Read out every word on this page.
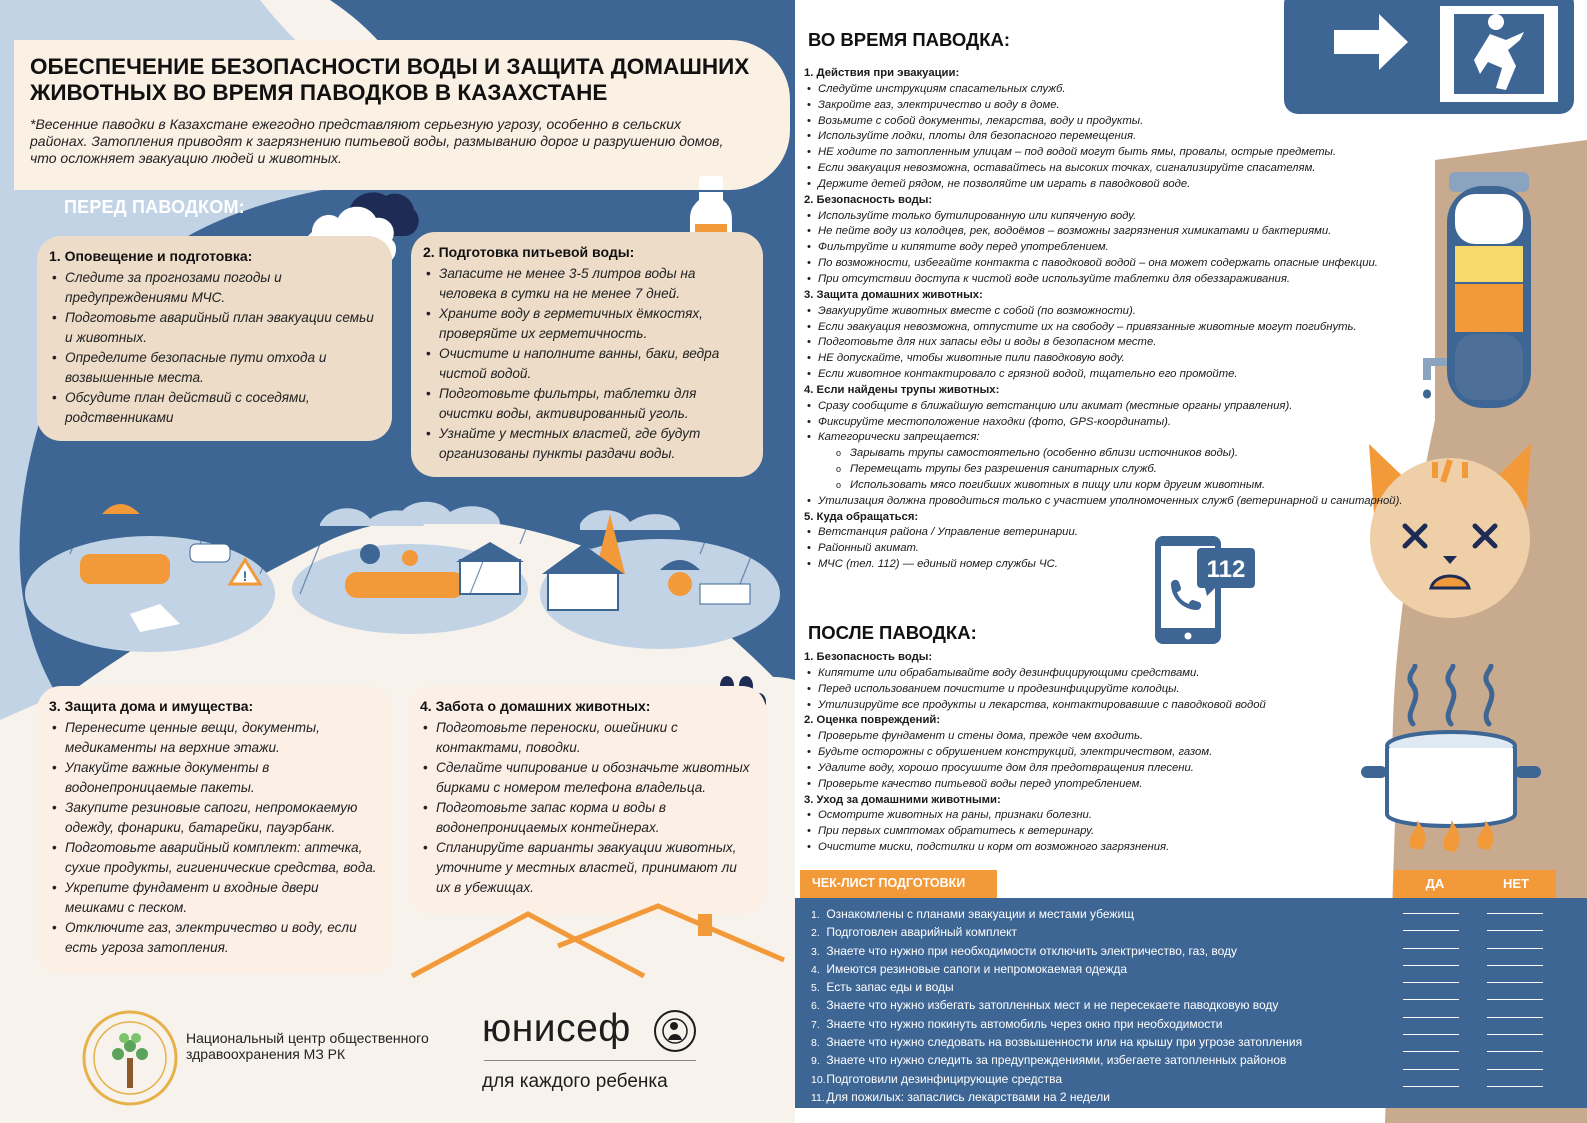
ОБЕСПЕЧЕНИЕ БЕЗОПАСНОСТИ ВОДЫ И ЗАЩИТА ДОМАШНИХ ЖИВОТНЫХ ВО ВРЕМЯ ПАВОДКОВ В КАЗАХСТАНЕ
*Весенние паводки в Казахстане ежегодно представляют серьезную угрозу, особенно в сельских районах. Затопления приводят к загрязнению питьевой воды, размыванию дорог и разрушению домов, что осложняет эвакуацию людей и животных.
ПЕРЕД ПАВОДКОМ:
1. Оповещение и подготовка:
• Следите за прогнозами погоды и предупреждениями МЧС.
• Подготовьте аварийный план эвакуации семьи и животных.
• Определите безопасные пути отхода и возвышенные места.
• Обсудите план действий с соседями, родственниками
2. Подготовка питьевой воды:
• Запасите не менее 3-5 литров воды на человека в сутки на не менее 7 дней.
• Храните воду в герметичных ёмкостях, проверяйте их герметичность.
• Очистите и наполните ванны, баки, ведра чистой водой.
• Подготовьте фильтры, таблетки для очистки воды, активированный уголь.
• Узнайте у местных властей, где будут организованы пункты раздачи воды.
!
3. Защита дома и имущества:
• Перенесите ценные вещи, документы, медикаменты на верхние этажи.
• Упакуйте важные документы в водонепроницаемые пакеты.
• Закупите резиновые сапоги, непромокаемую одежду, фонарики, батарейки, пауэрбанк.
• Подготовьте аварийный комплект: аптечка, сухие продукты, гигиенические средства, вода.
• Укрепите фундамент и входные двери мешками с песком.
• Отключите газ, электричество и воду, если есть угроза затопления.
4. Забота о домашних животных:
• Подготовьте переноски, ошейники с контактами, поводки.
• Сделайте чипирование и обозначьте животных бирками с номером телефона владельца.
• Подготовьте запас корма и воды в водонепроницаемых контейнерах.
• Спланируйте варианты эвакуации животных, уточните у местных властей, принимают ли их в убежищах.
Национальный центр общественного здравоохранения МЗ РК
юнисеф
для каждого ребенка
112
ВО ВРЕМЯ ПАВОДКА:
1. Действия при эвакуации:
• Следуйте инструкциям спасательных служб.
• Закройте газ, электричество и воду в доме.
• Возьмите с собой документы, лекарства, воду и продукты.
• Используйте лодки, плоты для безопасного перемещения.
• НЕ ходите по затопленным улицам – под водой могут быть ямы, провалы, острые предметы.
• Если эвакуация невозможна, оставайтесь на высоких точках, сигнализируйте спасателям.
• Держите детей рядом, не позволяйте им играть в паводковой воде.
2. Безопасность воды:
• Используйте только бутилированную или кипяченую воду.
• Не пейте воду из колодцев, рек, водоёмов – возможны загрязнения химикатами и бактериями.
• Фильтруйте и кипятите воду перед употреблением.
• По возможности, избегайте контакта с паводковой водой – она может содержать опасные инфекции.
• При отсутствии доступа к чистой воде используйте таблетки для обеззараживания.
3. Защита домашних животных:
• Эвакуируйте животных вместе с собой (по возможности).
• Если эвакуация невозможна, отпустите их на свободу – привязанные животные могут погибнуть.
• Подготовьте для них запасы еды и воды в безопасном месте.
• НЕ допускайте, чтобы животные пили паводковую воду.
• Если животное контактировало с грязной водой, тщательно его промойте.
4. Если найдены трупы животных:
• Сразу сообщите в ближайшую ветстанцию или акимат (местные органы управления).
• Фиксируйте местоположение находки (фото, GPS-координаты).
• Категорически запрещается:
o Зарывать трупы самостоятельно (особенно вблизи источников воды).
o Перемещать трупы без разрешения санитарных служб.
o Использовать мясо погибших животных в пищу или корм другим животным.
• Утилизация должна проводиться только с участием уполномоченных служб (ветеринарной и санитарной).
5. Куда обращаться:
• Ветстанция района / Управление ветеринарии.
• Районный акимат.
• МЧС (тел. 112) — единый номер службы ЧС.
ПОСЛЕ ПАВОДКА:
1. Безопасность воды:
• Кипятите или обрабатывайте воду дезинфицирующими средствами.
• Перед использованием почистите и продезинфицируйте колодцы.
• Утилизируйте все продукты и лекарства, контактировавшие с паводковой водой
2. Оценка повреждений:
• Проверьте фундамент и стены дома, прежде чем входить.
• Будьте осторожны с обрушением конструкций, электричеством, газом.
• Удалите воду, хорошо просушите дом для предотвращения плесени.
• Проверьте качество питьевой воды перед употреблением.
3. Уход за домашними животными:
• Осмотрите животных на раны, признаки болезни.
• При первых симптомах обратитесь к ветеринару.
• Очистите миски, подстилки и корм от возможного загрязнения.
ЧЕК-ЛИСТ ПОДГОТОВКИ	ДА	НЕТ
1. Ознакомлены с планами эвакуации и местами убежищ
2. Подготовлен аварийный комплект
3. Знаете что нужно при необходимости отключить электричество, газ, воду
4. Имеются резиновые сапоги и непромокаемая одежда
5. Есть запас еды и воды
6. Знаете что нужно избегать затопленных мест и не пересекаете паводковую воду
7. Знаете что нужно покинуть автомобиль через окно при необходимости
8. Знаете что нужно следовать на возвышенности или на крышу при угрозе затопления
9. Знаете что нужно следить за предупреждениями, избегаете затопленных районов
10. Подготовили дезинфицирующие средства
11. Для пожилых: запаслись лекарствами на 2 недели
